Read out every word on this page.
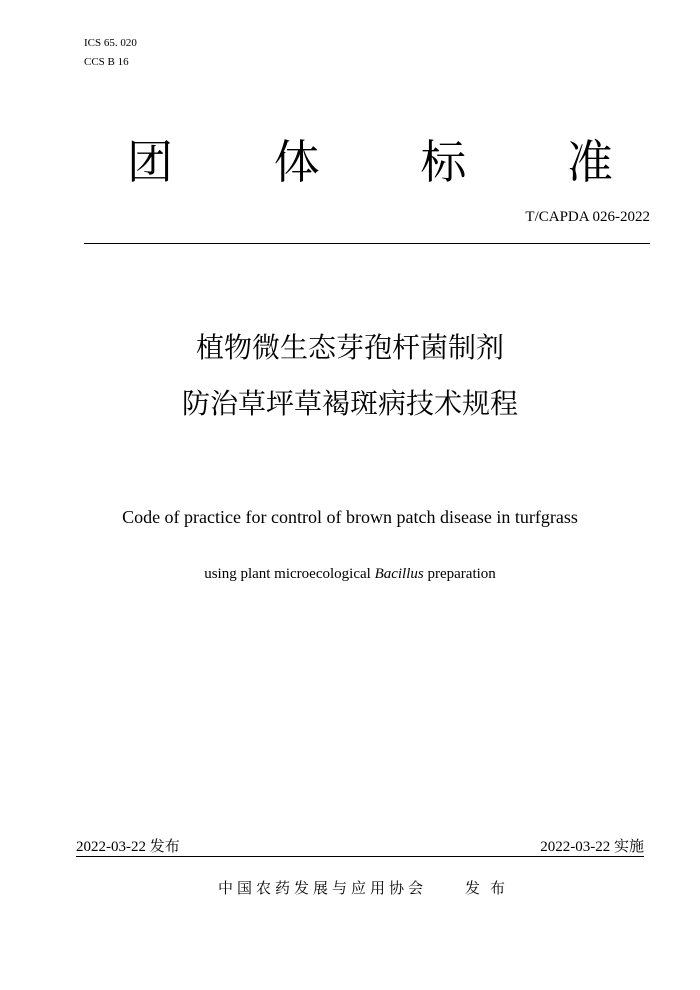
ICS 65. 020
CCS B 16
团 体 标 准
T/CAPDA 026-2022
植物微生态芽孢杆菌制剂
防治草坪草褐斑病技术规程
Code of practice for control of brown patch disease in turfgrass
using plant microecological Bacillus preparation
2022-03-22 发布	2022-03-22 实施
中国农药发展与应用协会	发布
